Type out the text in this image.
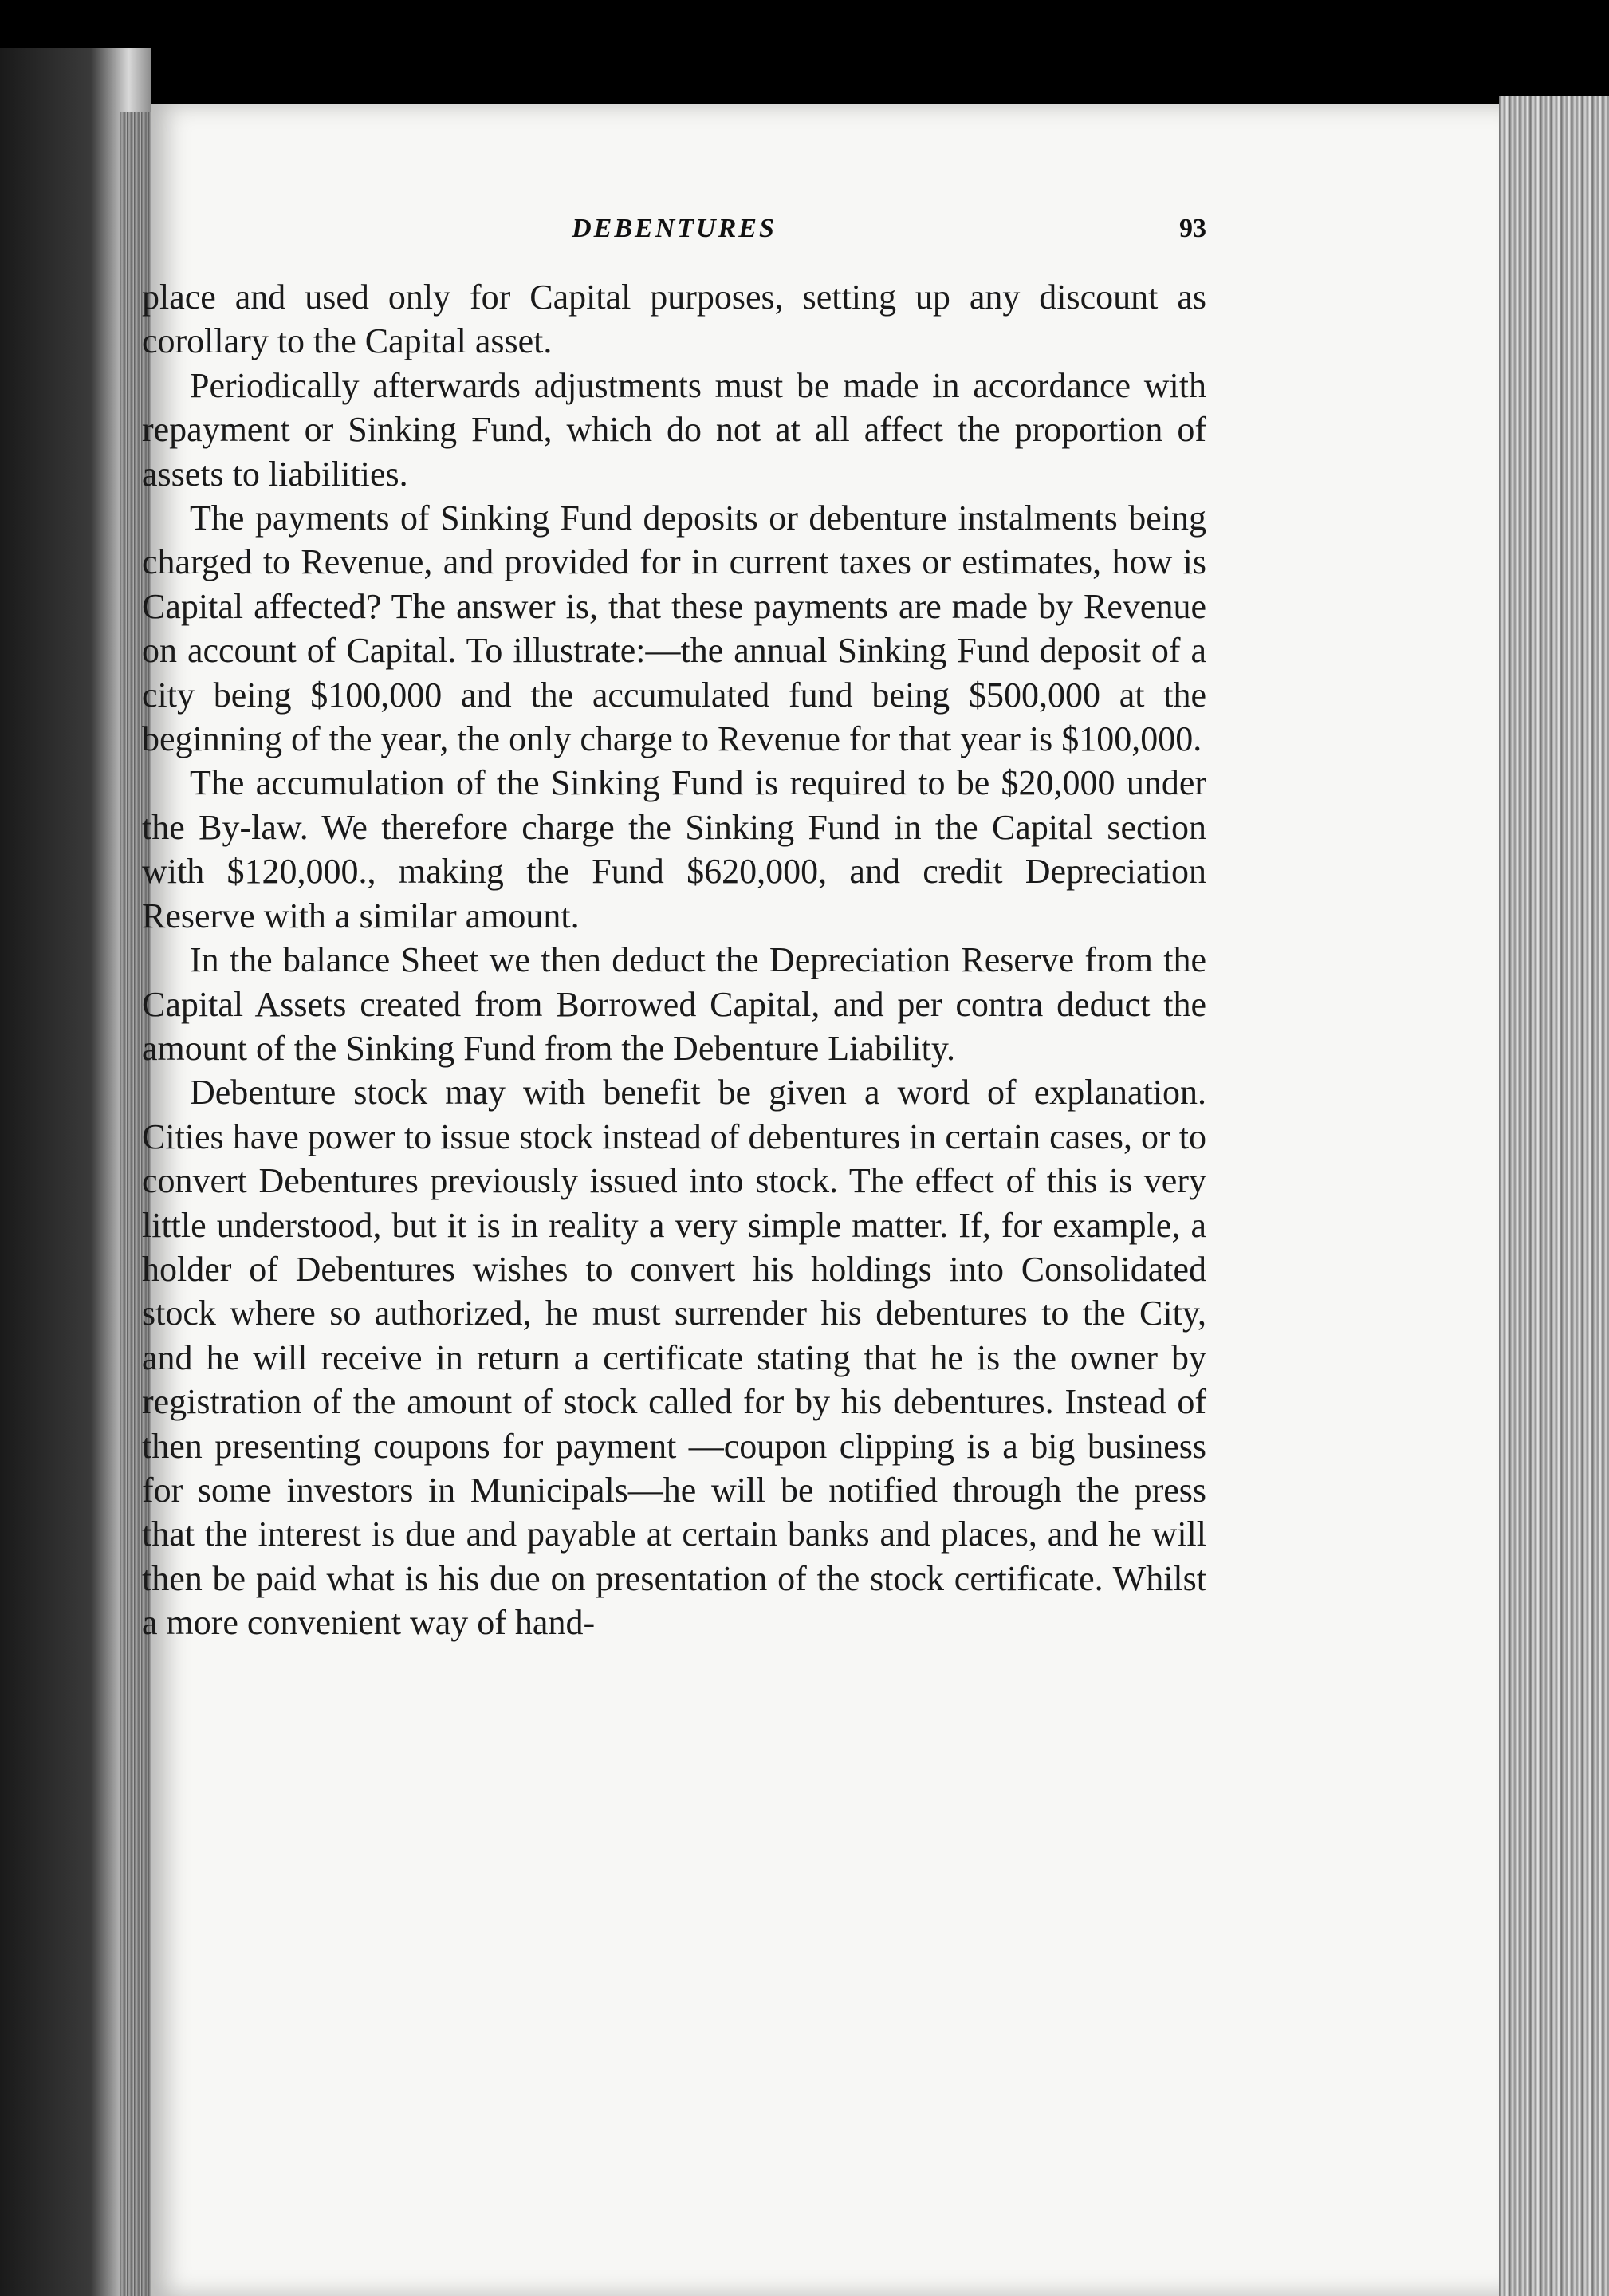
DEBENTURES	93

place and used only for Capital purposes, setting up any discount as corollary to the Capital asset.

Periodically afterwards adjustments must be made in accordance with repayment or Sinking Fund, which do not at all affect the proportion of assets to liabilities.

The payments of Sinking Fund deposits or debenture instalments being charged to Revenue, and provided for in current taxes or estimates, how is Capital affected? The answer is, that these payments are made by Revenue on account of Capital. To illustrate:—the annual Sinking Fund deposit of a city being $100,000 and the accumulated fund being $500,000 at the beginning of the year, the only charge to Revenue for that year is $100,000.

The accumulation of the Sinking Fund is required to be $20,000 under the By-law. We therefore charge the Sinking Fund in the Capital section with $120,000., making the Fund $620,000, and credit Depreciation Reserve with a similar amount.

In the balance Sheet we then deduct the Depreciation Reserve from the Capital Assets created from Borrowed Capital, and per contra deduct the amount of the Sinking Fund from the Debenture Liability.

Debenture stock may with benefit be given a word of explanation. Cities have power to issue stock instead of debentures in certain cases, or to convert Debentures previously issued into stock. The effect of this is very little understood, but it is in reality a very simple matter. If, for example, a holder of Debentures wishes to convert his holdings into Consolidated stock where so authorized, he must surrender his debentures to the City, and he will receive in return a certificate stating that he is the owner by registration of the amount of stock called for by his debentures. Instead of then presenting coupons for payment —coupon clipping is a big business for some investors in Municipals—he will be notified through the press that the interest is due and payable at certain banks and places, and he will then be paid what is his due on presentation of the stock certificate. Whilst a more convenient way of hand-
